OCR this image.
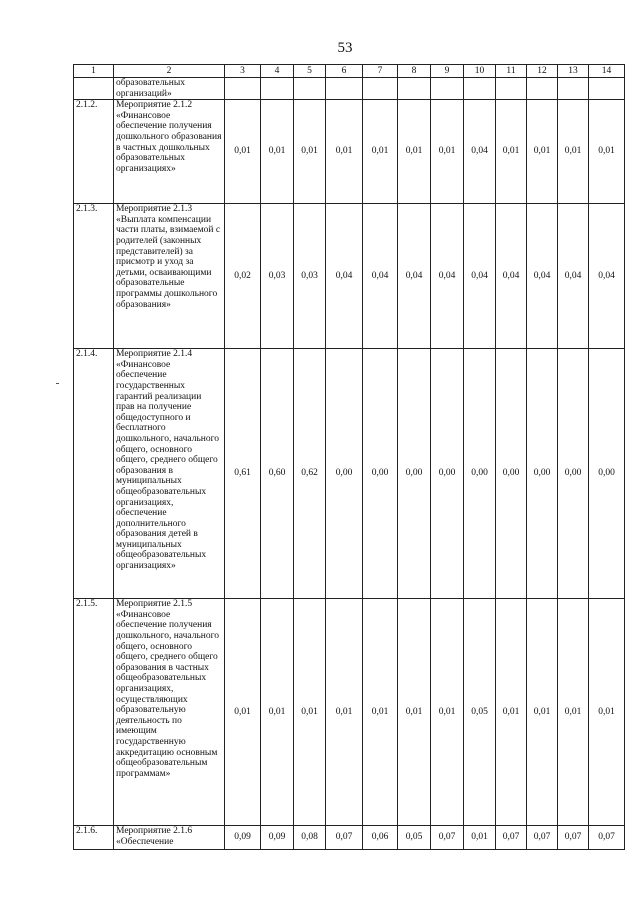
53
1	2	3	4	5	6	7	8	9	10	11	12	13	14
	образовательных организаций»												
2.1.2.	Мероприятие 2.1.2 «Финансовое обеспечение получения дошкольного образования в частных дошкольных образовательных организациях»	0,01	0,01	0,01	0,01	0,01	0,01	0,01	0,04	0,01	0,01	0,01	0,01
2.1.3.	Мероприятие 2.1.3 «Выплата компенсации части платы, взимаемой с родителей (законных представителей) за присмотр и уход за детьми, осваивающими образовательные программы дошкольного образования»	0,02	0,03	0,03	0,04	0,04	0,04	0,04	0,04	0,04	0,04	0,04	0,04
2.1.4.	Мероприятие 2.1.4 «Финансовое обеспечение государственных гарантий реализации прав на получение общедоступного и бесплатного дошкольного, начального общего, основного общего, среднего общего образования в муниципальных общеобразовательных организациях, обеспечение дополнительного образования детей в муниципальных общеобразовательных организациях»	0,61	0,60	0,62	0,00	0,00	0,00	0,00	0,00	0,00	0,00	0,00	0,00
2.1.5.	Мероприятие 2.1.5 «Финансовое обеспечение получения дошкольного, начального общего, основного общего, среднего общего образования в частных общеобразовательных организациях, осуществляющих образовательную деятельность по имеющим государственную аккредитацию основным общеобразовательным программам»	0,01	0,01	0,01	0,01	0,01	0,01	0,01	0,05	0,01	0,01	0,01	0,01
2.1.6.	Мероприятие 2.1.6 «Обеспечение	0,09	0,09	0,08	0,07	0,06	0,05	0,07	0,01	0,07	0,07	0,07	0,07
